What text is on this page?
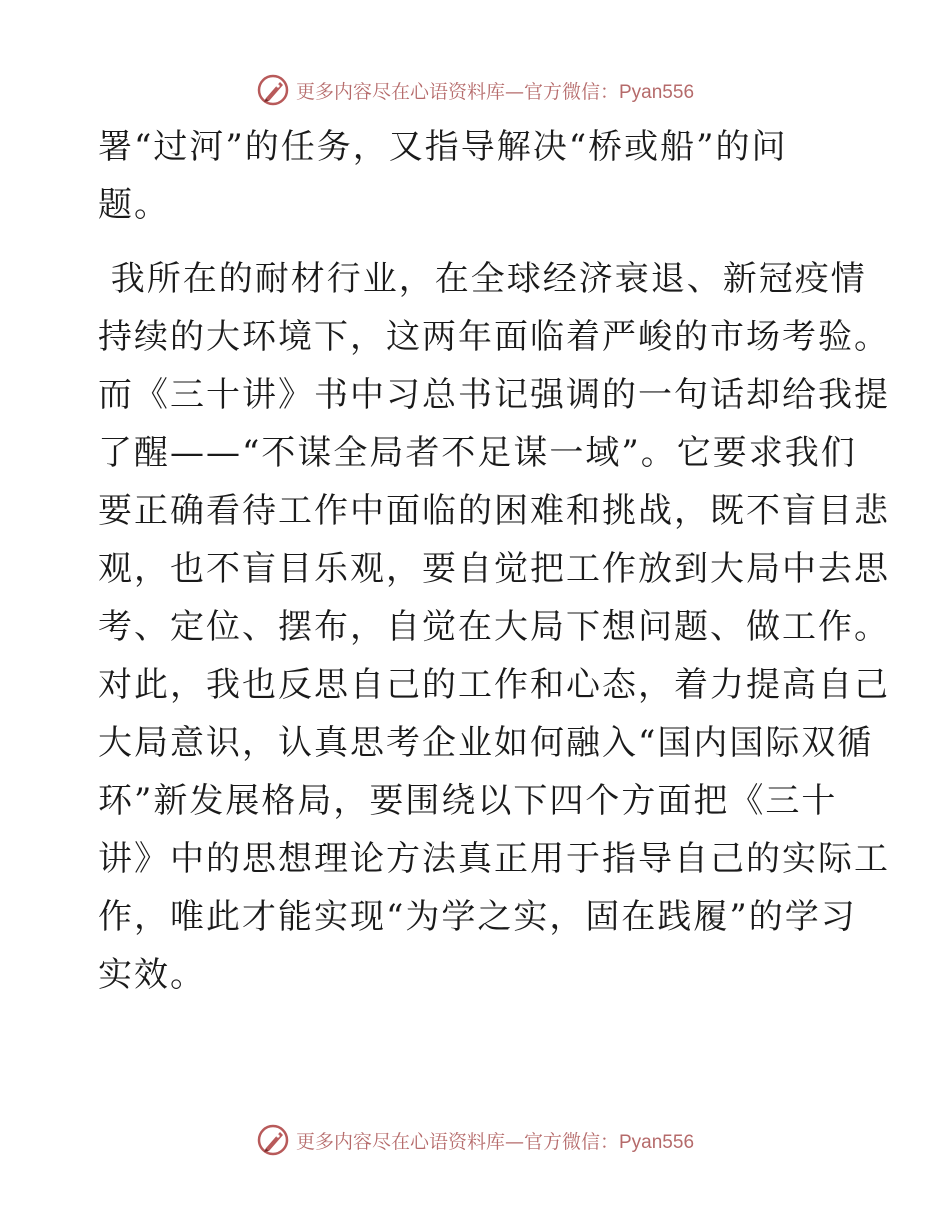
更多内容尽在心语资料库—官方微信：Pyan556
署“过河”的任务，又指导解决“桥或船”的问
题。
我所在的耐材行业，在全球经济衰退、新冠疫情
持续的大环境下，这两年面临着严峻的市场考验。
而《三十讲》书中习总书记强调的一句话却给我提
了醒——“不谋全局者不足谋一域”。它要求我们
要正确看待工作中面临的困难和挑战，既不盲目悲
观，也不盲目乐观，要自觉把工作放到大局中去思
考、定位、摆布，自觉在大局下想问题、做工作。
对此，我也反思自己的工作和心态，着力提高自己
大局意识，认真思考企业如何融入“国内国际双循
环”新发展格局，要围绕以下四个方面把《三十
讲》中的思想理论方法真正用于指导自己的实际工
作，唯此才能实现“为学之实，固在践履”的学习
实效。
更多内容尽在心语资料库—官方微信：Pyan556
